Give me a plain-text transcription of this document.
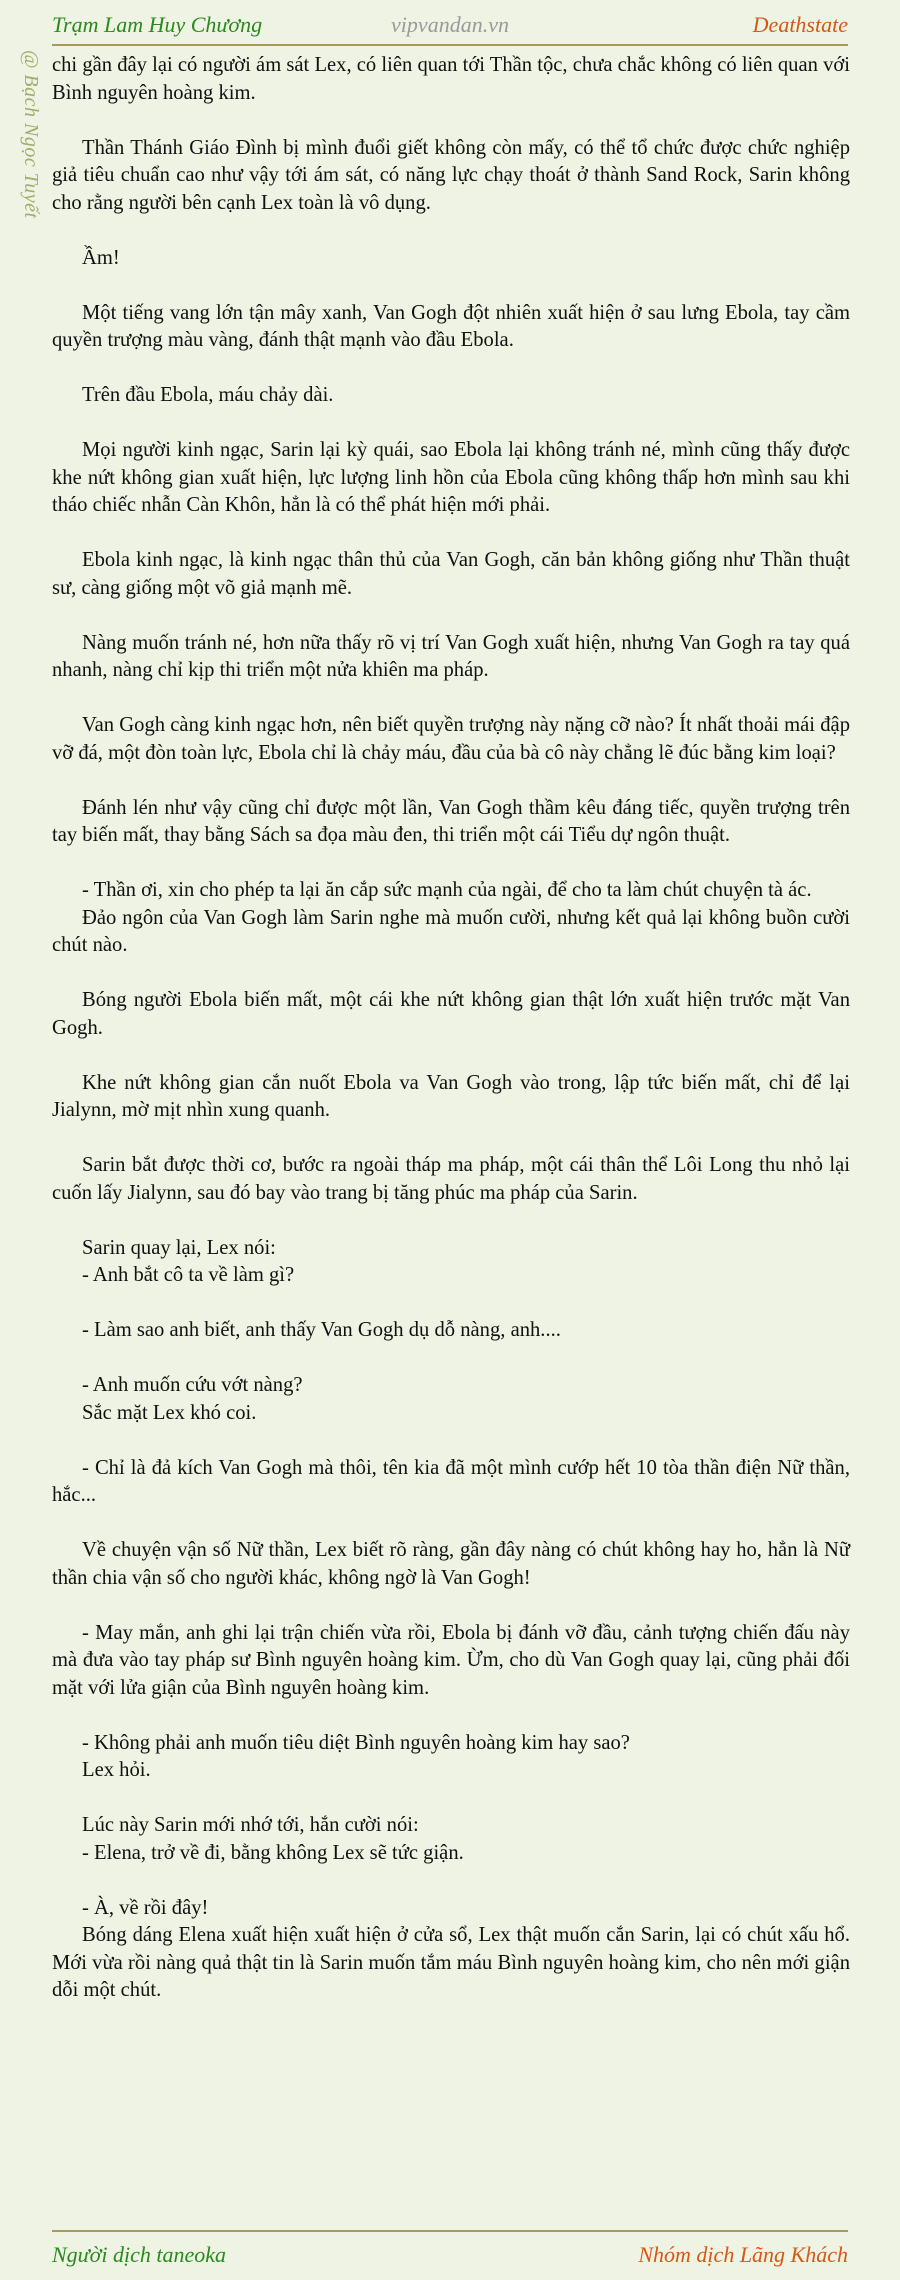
Trạm Lam Huy Chương	vipvandan.vn	Deathstate
@ Bạch Ngọc Tuyết chi gần đây lại có người ám sát Lex, có liên quan tới Thần tộc, chưa chắc không có liên quan với Bình nguyên hoàng kim.

Thần Thánh Giáo Đình bị mình đuổi giết không còn mấy, có thể tổ chức được chức nghiệp giả tiêu chuẩn cao như vậy tới ám sát, có năng lực chạy thoát ở thành Sand Rock, Sarin không cho rằng người bên cạnh Lex toàn là vô dụng.

Ầm!

Một tiếng vang lớn tận mây xanh, Van Gogh đột nhiên xuất hiện ở sau lưng Ebola, tay cầm quyền trượng màu vàng, đánh thật mạnh vào đầu Ebola.

Trên đầu Ebola, máu chảy dài.

Mọi người kinh ngạc, Sarin lại kỳ quái, sao Ebola lại không tránh né, mình cũng thấy được khe nứt không gian xuất hiện, lực lượng linh hồn của Ebola cũng không thấp hơn mình sau khi tháo chiếc nhẫn Càn Khôn, hẳn là có thể phát hiện mới phải.

Ebola kinh ngạc, là kinh ngạc thân thủ của Van Gogh, căn bản không giống như Thần thuật sư, càng giống một võ giả mạnh mẽ.

Nàng muốn tránh né, hơn nữa thấy rõ vị trí Van Gogh xuất hiện, nhưng Van Gogh ra tay quá nhanh, nàng chỉ kịp thi triển một nửa khiên ma pháp.

Van Gogh càng kinh ngạc hơn, nên biết quyền trượng này nặng cỡ nào? Ít nhất thoải mái đập vỡ đá, một đòn toàn lực, Ebola chỉ là chảy máu, đầu của bà cô này chẳng lẽ đúc bằng kim loại?

Đánh lén như vậy cũng chỉ được một lần, Van Gogh thầm kêu đáng tiếc, quyền trượng trên tay biến mất, thay bằng Sách sa đọa màu đen, thi triển một cái Tiểu dự ngôn thuật.

- Thần ơi, xin cho phép ta lại ăn cắp sức mạnh của ngài, để cho ta làm chút chuyện tà ác.

Đảo ngôn của Van Gogh làm Sarin nghe mà muốn cười, nhưng kết quả lại không buồn cười chút nào.

Bóng người Ebola biến mất, một cái khe nứt không gian thật lớn xuất hiện trước mặt Van Gogh.

Khe nứt không gian cắn nuốt Ebola va Van Gogh vào trong, lập tức biến mất, chỉ để lại Jialynn, mờ mịt nhìn xung quanh.

Sarin bắt được thời cơ, bước ra ngoài tháp ma pháp, một cái thân thể Lôi Long thu nhỏ lại cuốn lấy Jialynn, sau đó bay vào trang bị tăng phúc ma pháp của Sarin.

Sarin quay lại, Lex nói:

- Anh bắt cô ta về làm gì?

- Làm sao anh biết, anh thấy Van Gogh dụ dỗ nàng, anh....

- Anh muốn cứu vớt nàng?

Sắc mặt Lex khó coi.

- Chỉ là đả kích Van Gogh mà thôi, tên kia đã một mình cướp hết 10 tòa thần điện Nữ thần, hắc...

Về chuyện vận số Nữ thần, Lex biết rõ ràng, gần đây nàng có chút không hay ho, hẳn là Nữ thần chia vận số cho người khác, không ngờ là Van Gogh!

- May mắn, anh ghi lại trận chiến vừa rồi, Ebola bị đánh vỡ đầu, cảnh tượng chiến đấu này mà đưa vào tay pháp sư Bình nguyên hoàng kim. Ừm, cho dù Van Gogh quay lại, cũng phải đối mặt với lửa giận của Bình nguyên hoàng kim.

- Không phải anh muốn tiêu diệt Bình nguyên hoàng kim hay sao?

Lex hỏi.

Lúc này Sarin mới nhớ tới, hắn cười nói:

- Elena, trở về đi, bằng không Lex sẽ tức giận.

- À, về rồi đây!

Bóng dáng Elena xuất hiện xuất hiện ở cửa sổ, Lex thật muốn cắn Sarin, lại có chút xấu hổ. Mới vừa rồi nàng quả thật tin là Sarin muốn tắm máu Bình nguyên hoàng kim, cho nên mới giận dỗi một chút.

Người dịch taneoka	Nhóm dịch Lãng Khách
